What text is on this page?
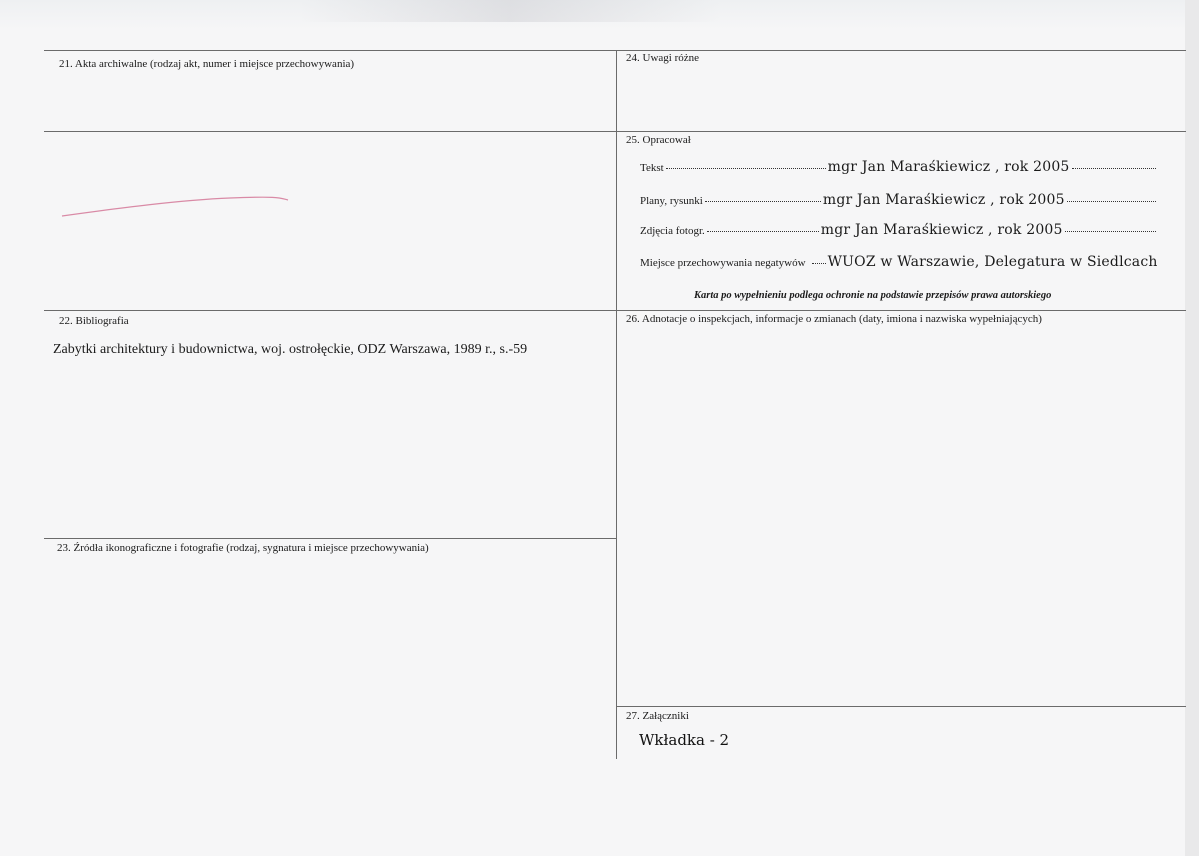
21. Akta archiwalne (rodzaj akt, numer i miejsce przechowywania)	24. Uwagi różne
25. Opracował
Tekst	mgr Jan Maraśkiewicz , rok 2005
Plany, rysunki	mgr Jan Maraśkiewicz , rok 2005
Zdjęcia fotogr.	mgr Jan Maraśkiewicz , rok 2005
Miejsce przechowywania negatywów WUOZ w Warszawie, Delegatura w Siedlcach
Karta po wypełnieniu podlega ochronie na podstawie przepisów prawa autorskiego
22. Bibliografia
Zabytki architektury i budownictwa, woj. ostrołęckie, ODZ Warszawa, 1989 r., s.-59
26. Adnotacje o inspekcjach, informacje o zmianach (daty, imiona i nazwiska wypełniających)
23. Źródła ikonograficzne i fotografie (rodzaj, sygnatura i miejsce przechowywania)
27. Załączniki
Wkładka - 2
